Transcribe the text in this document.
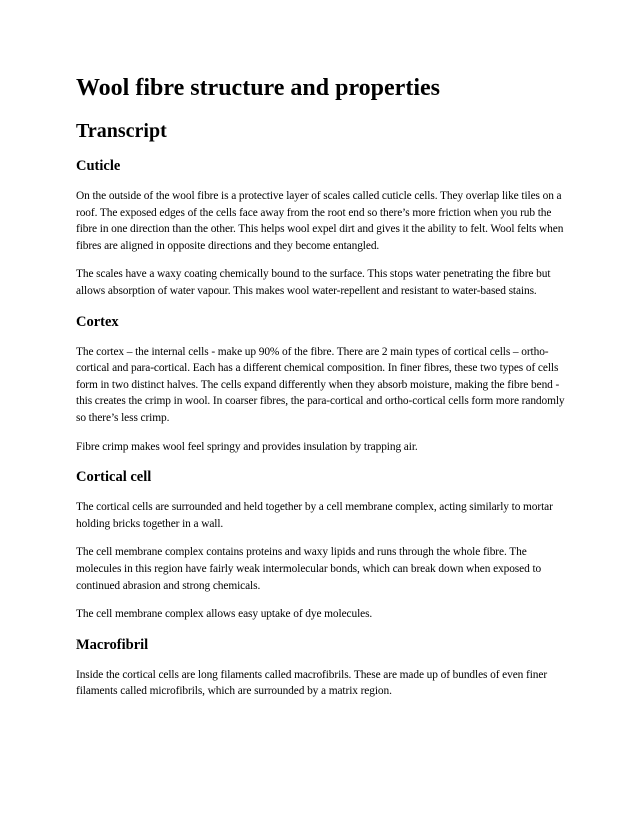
Wool fibre structure and properties
Transcript
Cuticle

On the outside of the wool fibre is a protective layer of scales called cuticle cells. They overlap like tiles on a roof. The exposed edges of the cells face away from the root end so there’s more friction when you rub the fibre in one direction than the other. This helps wool expel dirt and gives it the ability to felt. Wool felts when fibres are aligned in opposite directions and they become entangled.

The scales have a waxy coating chemically bound to the surface. This stops water penetrating the fibre but allows absorption of water vapour. This makes wool water-repellent and resistant to water-based stains.

Cortex

The cortex – the internal cells - make up 90% of the fibre. There are 2 main types of cortical cells – ortho-cortical and para-cortical. Each has a different chemical composition. In finer fibres, these two types of cells form in two distinct halves. The cells expand differently when they absorb moisture, making the fibre bend - this creates the crimp in wool. In coarser fibres, the para-cortical and ortho-cortical cells form more randomly so there’s less crimp.

Fibre crimp makes wool feel springy and provides insulation by trapping air.

Cortical cell

The cortical cells are surrounded and held together by a cell membrane complex, acting similarly to mortar holding bricks together in a wall.

The cell membrane complex contains proteins and waxy lipids and runs through the whole fibre. The molecules in this region have fairly weak intermolecular bonds, which can break down when exposed to continued abrasion and strong chemicals.

The cell membrane complex allows easy uptake of dye molecules.

Macrofibril

Inside the cortical cells are long filaments called macrofibrils. These are made up of bundles of even finer filaments called microfibrils, which are surrounded by a matrix region.
